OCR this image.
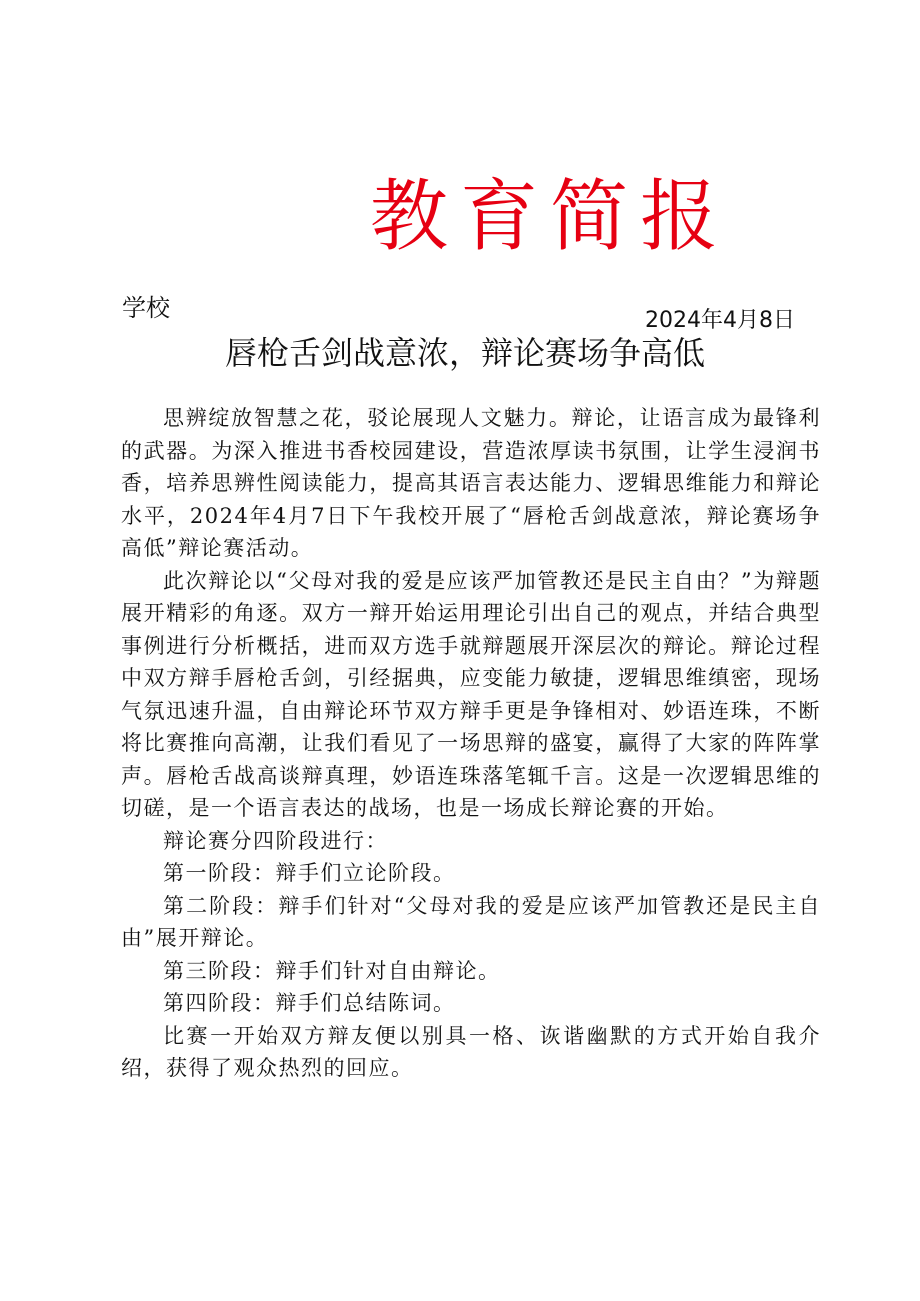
教育简报
学校	2024年4月8日
唇枪舌剑战意浓，辩论赛场争高低

思辨绽放智慧之花，驳论展现人文魅力。辩论，让语言成为最锋利的武器。为深入推进书香校园建设，营造浓厚读书氛围，让学生浸润书香，培养思辨性阅读能力，提高其语言表达能力、逻辑思维能力和辩论水平，2024年4月7日下午我校开展了“唇枪舌剑战意浓，辩论赛场争高低”辩论赛活动。

此次辩论以“父母对我的爱是应该严加管教还是民主自由？”为辩题展开精彩的角逐。双方一辩开始运用理论引出自己的观点，并结合典型事例进行分析概括，进而双方选手就辩题展开深层次的辩论。辩论过程中双方辩手唇枪舌剑，引经据典，应变能力敏捷，逻辑思维缜密，现场气氛迅速升温，自由辩论环节双方辩手更是争锋相对、妙语连珠，不断将比赛推向高潮，让我们看见了一场思辩的盛宴，赢得了大家的阵阵掌声。唇枪舌战高谈辩真理，妙语连珠落笔辄千言。这是一次逻辑思维的切磋，是一个语言表达的战场，也是一场成长辩论赛的开始。

辩论赛分四阶段进行：

第一阶段：辩手们立论阶段。

第二阶段：辩手们针对“父母对我的爱是应该严加管教还是民主自由”展开辩论。

第三阶段：辩手们针对自由辩论。

第四阶段：辩手们总结陈词。

比赛一开始双方辩友便以别具一格、诙谐幽默的方式开始自我介绍，获得了观众热烈的回应。
